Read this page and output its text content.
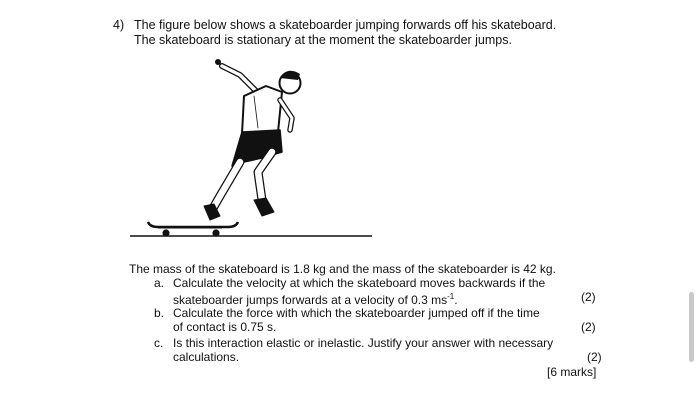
4) The figure below shows a skateboarder jumping forwards off his skateboard.
The skateboard is stationary at the moment the skateboarder jumps.
The mass of the skateboard is 1.8 kg and the mass of the skateboarder is 42 kg.
a. Calculate the velocity at which the skateboard moves backwards if the
skateboarder jumps forwards at a velocity of 0.3 $ms^{-1}$.	(2)
b. Calculate the force with which the skateboarder jumped off if the time
of contact is 0.75 s.	(2)
c. Is this interaction elastic or inelastic. Justify your answer with necessary
calculations.	(2)
[6 marks]
